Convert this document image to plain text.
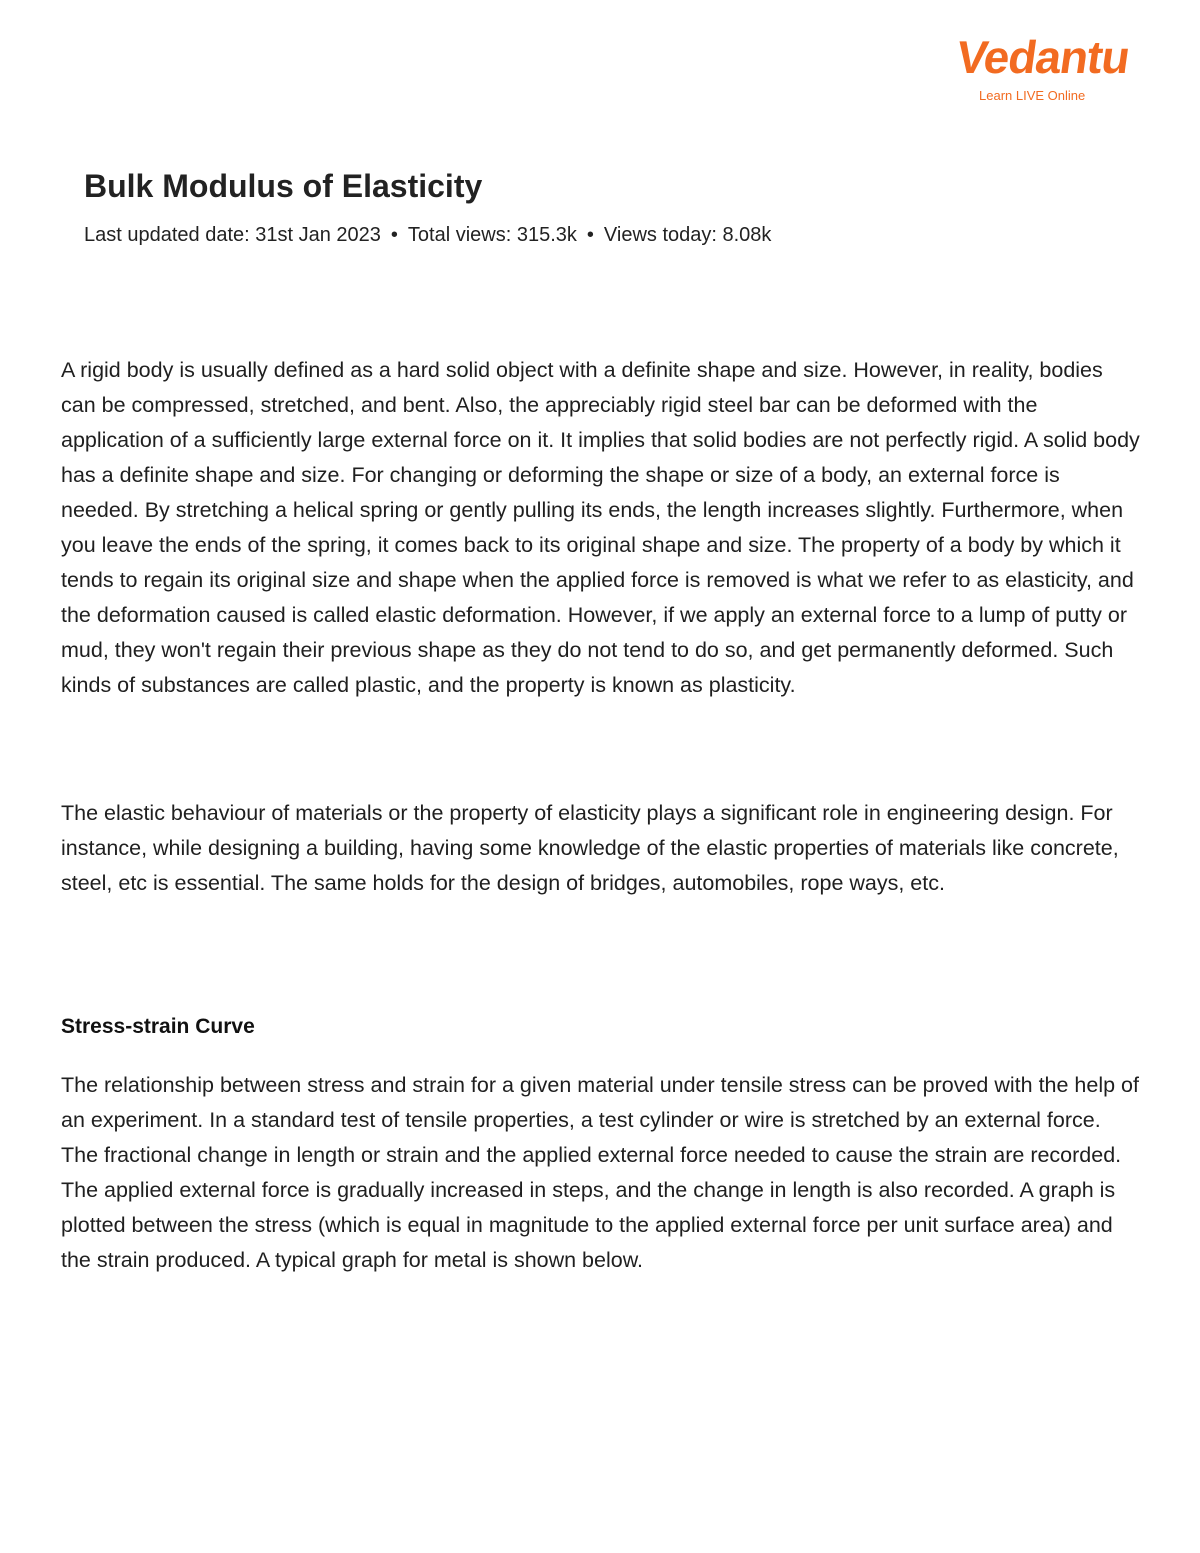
Vedantu
Learn LIVE Online
Bulk Modulus of Elasticity
Last updated date: 31st Jan 2023 • Total views: 315.3k • Views today: 8.08k

A rigid body is usually defined as a hard solid object with a definite shape and size. However, in reality, bodies can be compressed, stretched, and bent. Also, the appreciably rigid steel bar can be deformed with the application of a sufficiently large external force on it. It implies that solid bodies are not perfectly rigid. A solid body has a definite shape and size. For changing or deforming the shape or size of a body, an external force is needed. By stretching a helical spring or gently pulling its ends, the length increases slightly. Furthermore, when you leave the ends of the spring, it comes back to its original shape and size. The property of a body by which it tends to regain its original size and shape when the applied force is removed is what we refer to as elasticity, and the deformation caused is called elastic deformation. However, if we apply an external force to a lump of putty or mud, they won't regain their previous shape as they do not tend to do so, and get permanently deformed. Such kinds of substances are called plastic, and the property is known as plasticity.

The elastic behaviour of materials or the property of elasticity plays a significant role in engineering design. For instance, while designing a building, having some knowledge of the elastic properties of materials like concrete, steel, etc is essential. The same holds for the design of bridges, automobiles, rope ways, etc.

Stress-strain Curve

The relationship between stress and strain for a given material under tensile stress can be proved with the help of an experiment. In a standard test of tensile properties, a test cylinder or wire is stretched by an external force. The fractional change in length or strain and the applied external force needed to cause the strain are recorded. The applied external force is gradually increased in steps, and the change in length is also recorded. A graph is plotted between the stress (which is equal in magnitude to the applied external force per unit surface area) and the strain produced. A typical graph for metal is shown below.
